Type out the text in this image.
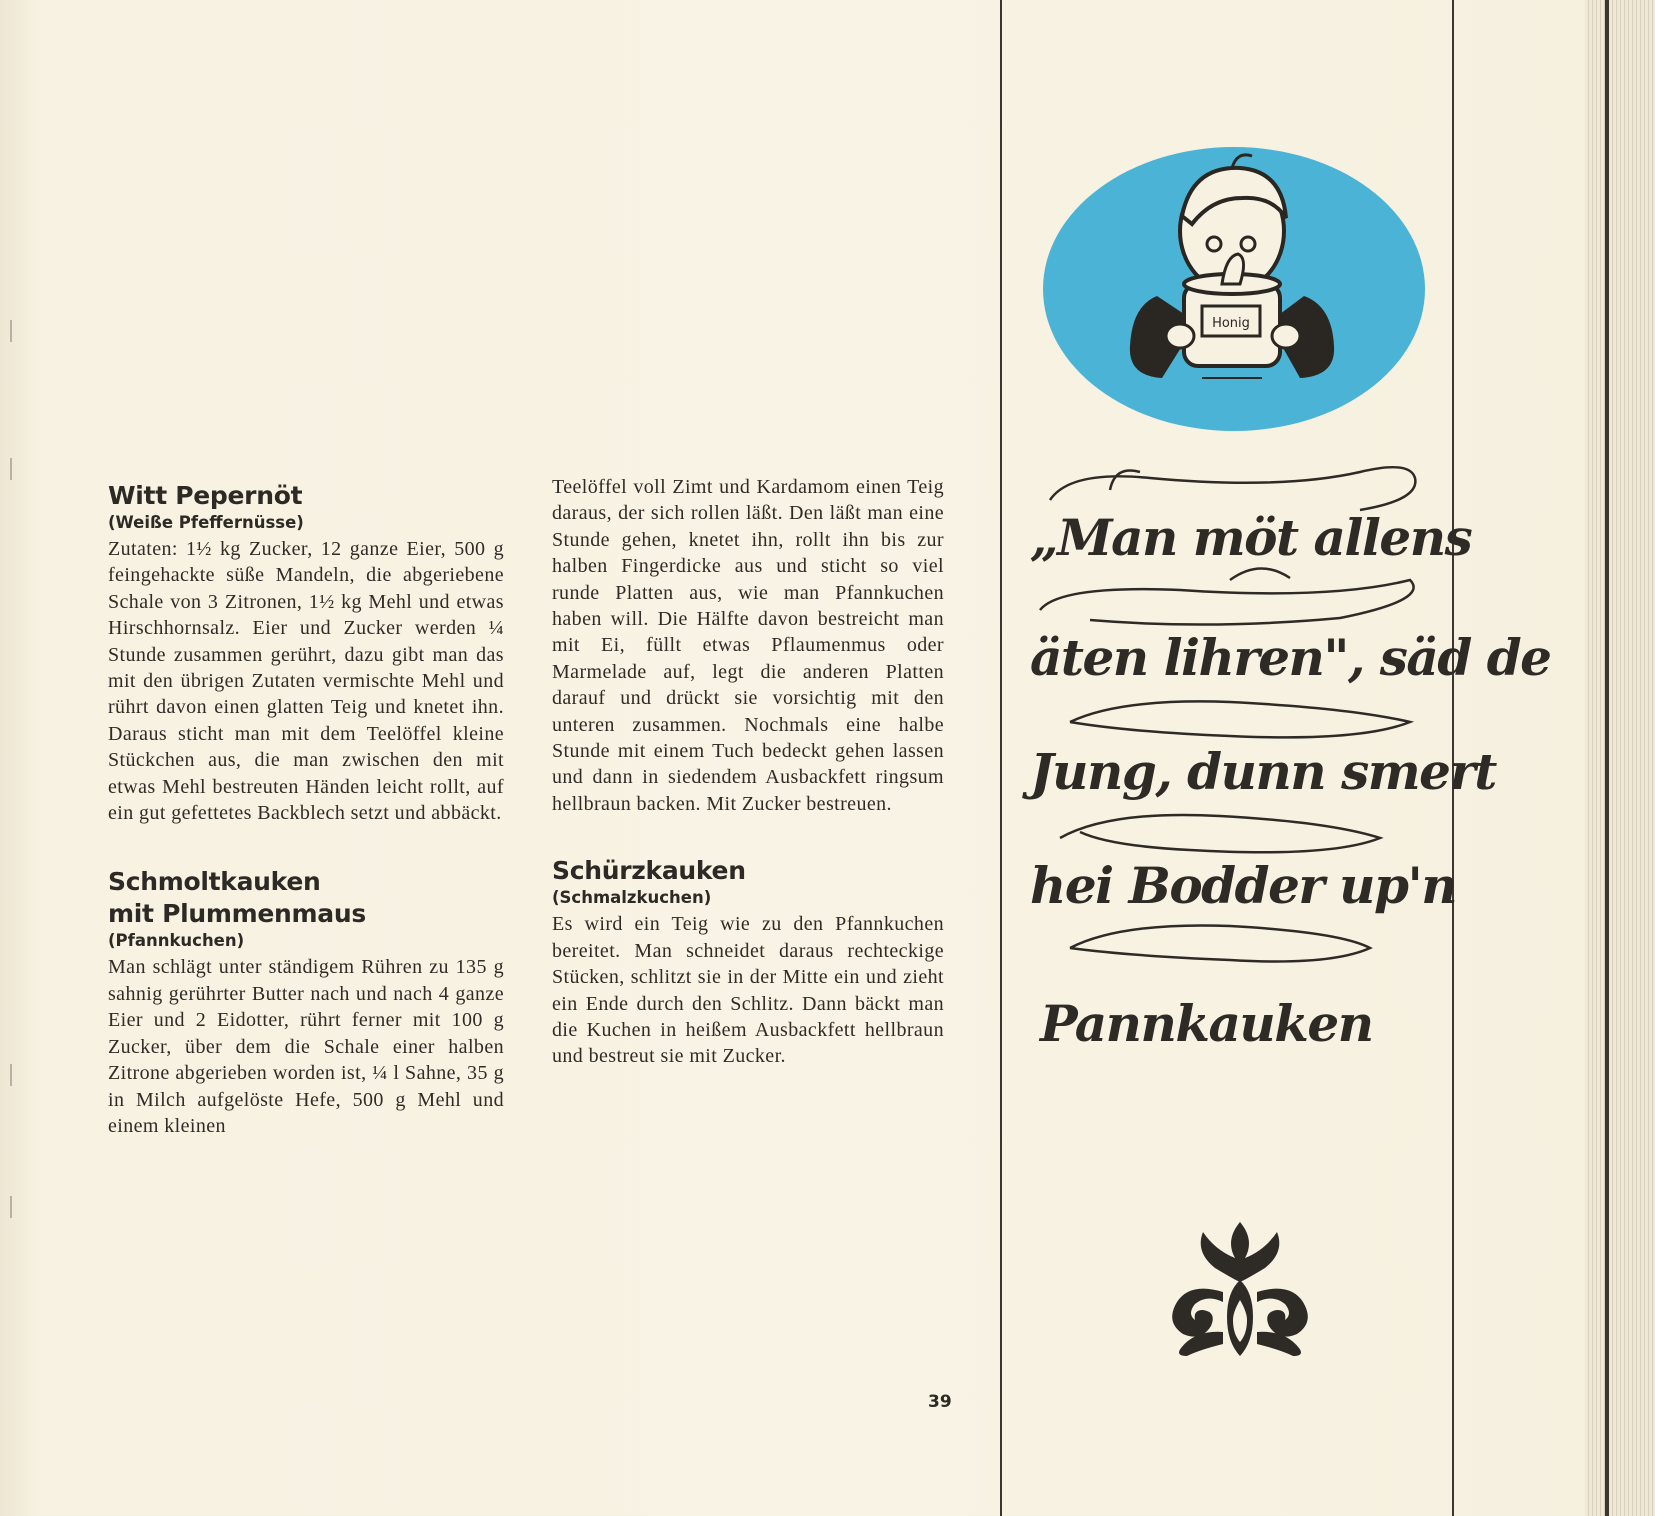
Witt Pepernöt
(Weiße Pfeffernüsse)

Zutaten: 1½ kg Zucker, 12 ganze Eier, 500 g feingehackte süße Mandeln, die abgeriebene Schale von 3 Zitronen, 1½ kg Mehl und etwas Hirschhornsalz. Eier und Zucker werden ¼ Stunde zusammen gerührt, dazu gibt man das mit den übrigen Zutaten vermischte Mehl und rührt davon einen glatten Teig und knetet ihn. Daraus sticht man mit dem Teelöffel kleine Stückchen aus, die man zwischen den mit etwas Mehl bestreuten Händen leicht rollt, auf ein gut gefettetes Backblech setzt und abbäckt.

Schmoltkauken
mit Plummenmaus
(Pfannkuchen)

Man schlägt unter ständigem Rühren zu 135 g sahnig gerührter Butter nach und nach 4 ganze Eier und 2 Eidotter, rührt ferner mit 100 g Zucker, über dem die Schale einer halben Zitrone abgerieben worden ist, ¼ l Sahne, 35 g in Milch aufgelöste Hefe, 500 g Mehl und einem kleinen

Teelöffel voll Zimt und Kardamom einen Teig daraus, der sich rollen läßt. Den läßt man eine Stunde gehen, knetet ihn, rollt ihn bis zur halben Fingerdicke aus und sticht so viel runde Platten aus, wie man Pfannkuchen haben will. Die Hälfte davon bestreicht man mit Ei, füllt etwas Pflaumenmus oder Marmelade auf, legt die anderen Platten darauf und drückt sie vorsichtig mit den unteren zusammen. Nochmals eine halbe Stunde mit einem Tuch bedeckt gehen lassen und dann in siedendem Ausbackfett ringsum hellbraun backen. Mit Zucker bestreuen.

Schürzkauken
(Schmalzkuchen)

Es wird ein Teig wie zu den Pfannkuchen bereitet. Man schneidet daraus rechteckige Stücken, schlitzt sie in der Mitte ein und zieht ein Ende durch den Schlitz. Dann bäckt man die Kuchen in heißem Ausbackfett hellbraun und bestreut sie mit Zucker.

39
Honig
„Man möt allens
äten lihren", säd de
Jung, dunn smert
hei Bodder up'n
Pannkauken
